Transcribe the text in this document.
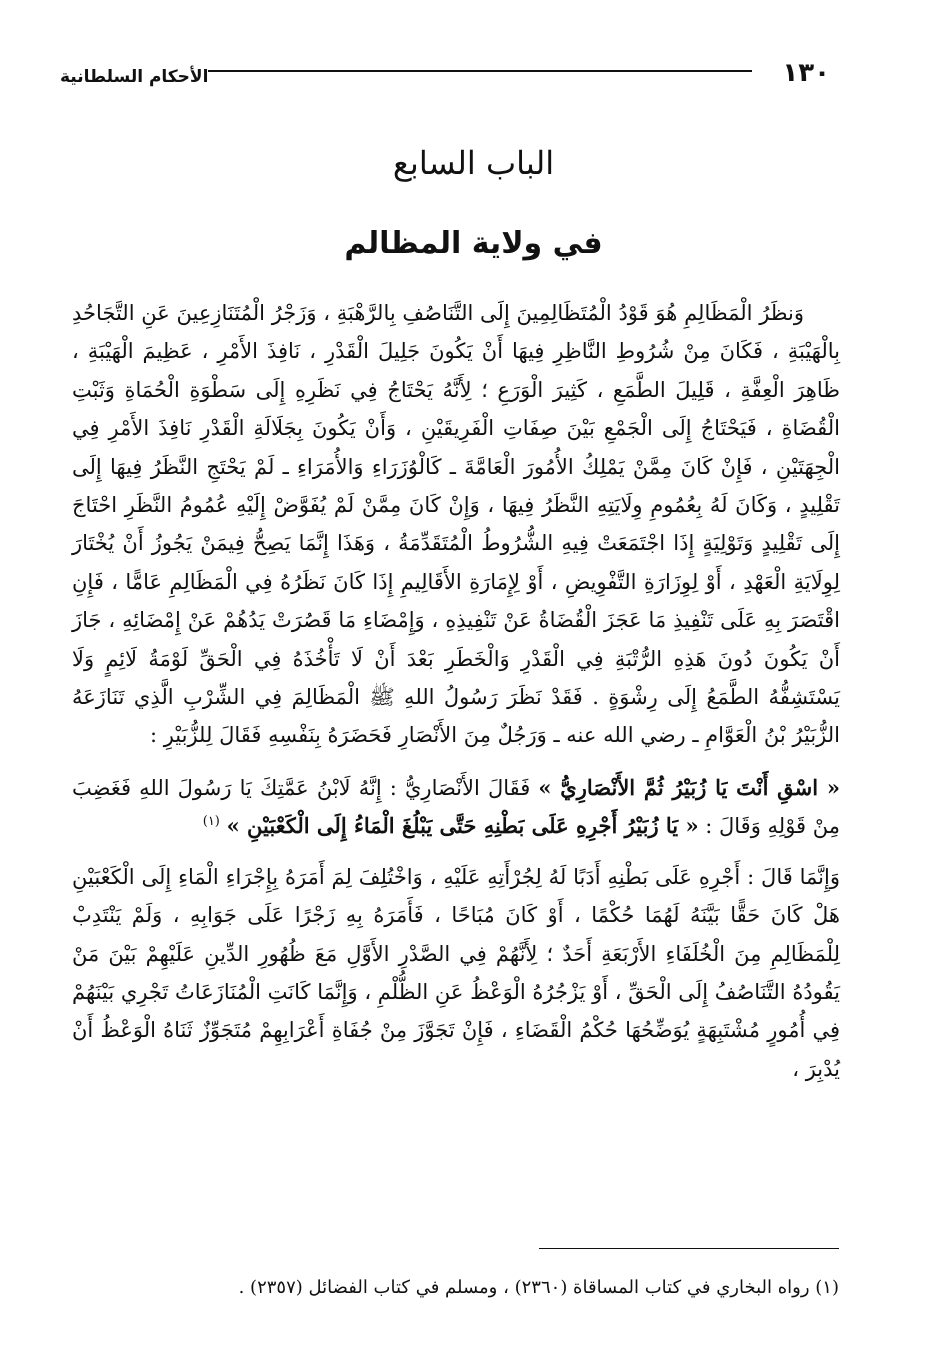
١٣٠
الأحكام السلطانية
الباب السابع
في ولاية المظالم

وَنظَرُ الْمَظَالِمِ هُوَ قَوْدُ الْمُتَظَالِمِينَ إِلَى التَّنَاصُفِ بِالرَّهْبَةِ ، وَزَجْرُ الْمُتَنَازِعِينَ عَنِ التَّجَاحُدِ بِالْهَيْبَةِ ، فَكَانَ مِنْ شُرُوطِ النَّاظِرِ فِيهَا أَنْ يَكُونَ جَلِيلَ الْقَدْرِ ، نَافِذَ الأَمْرِ ، عَظِيمَ الْهَيْبَةِ ، ظَاهِرَ الْعِفَّةِ ، قَلِيلَ الطَّمَعِ ، كَثِيرَ الْوَرَعِ ؛ لِأَنَّهُ يَحْتَاجُ فِي نَظَرِهِ إِلَى سَطْوَةِ الْحُمَاةِ وَثَبْتِ الْقُضَاةِ ، فَيَحْتَاجُ إِلَى الْجَمْعِ بَيْنَ صِفَاتِ الْفَرِيقَيْنِ ، وَأَنْ يَكُونَ بِجَلَالَةِ الْقَدْرِ نَافِذَ الأَمْرِ فِي الْجِهَتَيْنِ ، فَإِنْ كَانَ مِمَّنْ يَمْلِكُ الأُمُورَ الْعَامَّةَ ـ كَالْوُزَرَاءِ وَالأُمَرَاءِ ـ لَمْ يَحْتَجِ النَّظَرُ فِيهَا إِلَى تَقْلِيدٍ ، وَكَانَ لَهُ بِعُمُومِ وِلَايَتِهِ النَّظَرُ فِيهَا ، وَإِنْ كَانَ مِمَّنْ لَمْ يُفَوَّضْ إِلَيْهِ عُمُومُ النَّظَرِ احْتَاجَ إِلَى تَقْلِيدٍ وَتَوْلِيَةٍ إِذَا اجْتَمَعَتْ فِيهِ الشُّرُوطُ الْمُتَقَدِّمَةُ ، وَهَذَا إِنَّمَا يَصِحُّ فِيمَنْ يَجُوزُ أَنْ يُخْتَارَ لِوِلَايَةِ الْعَهْدِ ، أَوْ لِوِزَارَةِ التَّفْوِيضِ ، أَوْ لِإِمَارَةِ الأَقَالِيمِ إِذَا كَانَ نَظَرُهُ فِي الْمَظَالِمِ عَامًّا ، فَإِنِ اقْتَصَرَ بِهِ عَلَى تَنْفِيذِ مَا عَجَزَ الْقُضَاةُ عَنْ تَنْفِيذِهِ ، وَإِمْضَاءِ مَا قَصُرَتْ يَدُهُمْ عَنْ إِمْضَائِهِ ، جَازَ أَنْ يَكُونَ دُونَ هَذِهِ الرُّتْبَةِ فِي الْقَدْرِ وَالْخَطَرِ بَعْدَ أَنْ لَا تَأْخُذَهُ فِي الْحَقِّ لَوْمَةُ لَائِمٍ وَلَا يَسْتَشِفُّهُ الطَّمَعُ إِلَى رِشْوَةٍ . فَقَدْ نَظَرَ رَسُولُ اللهِ ﷺ الْمَظَالِمَ فِي الشِّرْبِ الَّذِي تَنَازَعَهُ الزُّبَيْرُ بْنُ الْعَوَّامِ ـ رضي الله عنه ـ وَرَجُلٌ مِنَ الأَنْصَارِ فَحَضَرَهُ بِنَفْسِهِ فَقَالَ لِلزُّبَيْرِ :

« اسْقِ أَنْتَ يَا زُبَيْرُ ثُمَّ الأَنْصَارِيُّ » فَقَالَ الأَنْصَارِيُّ : إِنَّهُ لَابْنُ عَمَّتِكَ يَا رَسُولَ اللهِ فَغَضِبَ مِنْ قَوْلِهِ وَقَالَ : « يَا زُبَيْرُ أَجْرِهِ عَلَى بَطْنِهِ حَتَّى يَبْلُغَ الْمَاءُ إِلَى الْكَعْبَيْنِ » $^{(١)}$

وَإِنَّمَا قَالَ : أَجْرِهِ عَلَى بَطْنِهِ أَدَبًا لَهُ لِجُرْأَتِهِ عَلَيْهِ ، وَاخْتُلِفَ لِمَ أَمَرَهُ بِإِجْرَاءِ الْمَاءِ إِلَى الْكَعْبَيْنِ هَلْ كَانَ حَقًّا بَيَّنَهُ لَهُمَا حُكْمًا ، أَوْ كَانَ مُبَاحًا ، فَأَمَرَهُ بِهِ زَجْرًا عَلَى جَوَابِهِ ، وَلَمْ يَنْتَدِبْ لِلْمَظَالِمِ مِنَ الْخُلَفَاءِ الأَرْبَعَةِ أَحَدٌ ؛ لِأَنَّهُمْ فِي الصَّدْرِ الأَوَّلِ مَعَ ظُهُورِ الدِّينِ عَلَيْهِمْ بَيْنَ مَنْ يَقُودُهُ التَّنَاصُفُ إِلَى الْحَقِّ ، أَوْ يَزْجُرُهُ الْوَعْظُ عَنِ الظُّلْمِ ، وَإِنَّمَا كَانَتِ الْمُنَازَعَاتُ تَجْرِي بَيْنَهُمْ فِي أُمُورٍ مُشْتَبِهَةٍ يُوَضِّحُهَا حُكْمُ الْقَضَاءِ ، فَإِنْ تَجَوَّزَ مِنْ جُفَاةِ أَعْرَابِهِمْ مُتَجَوِّزٌ ثَنَاهُ الْوَعْظُ أَنْ يُدْبِرَ ،

(١) رواه البخاري في كتاب المساقاة (٢٣٦٠) ، ومسلم في كتاب الفضائل (٢٣٥٧) .
